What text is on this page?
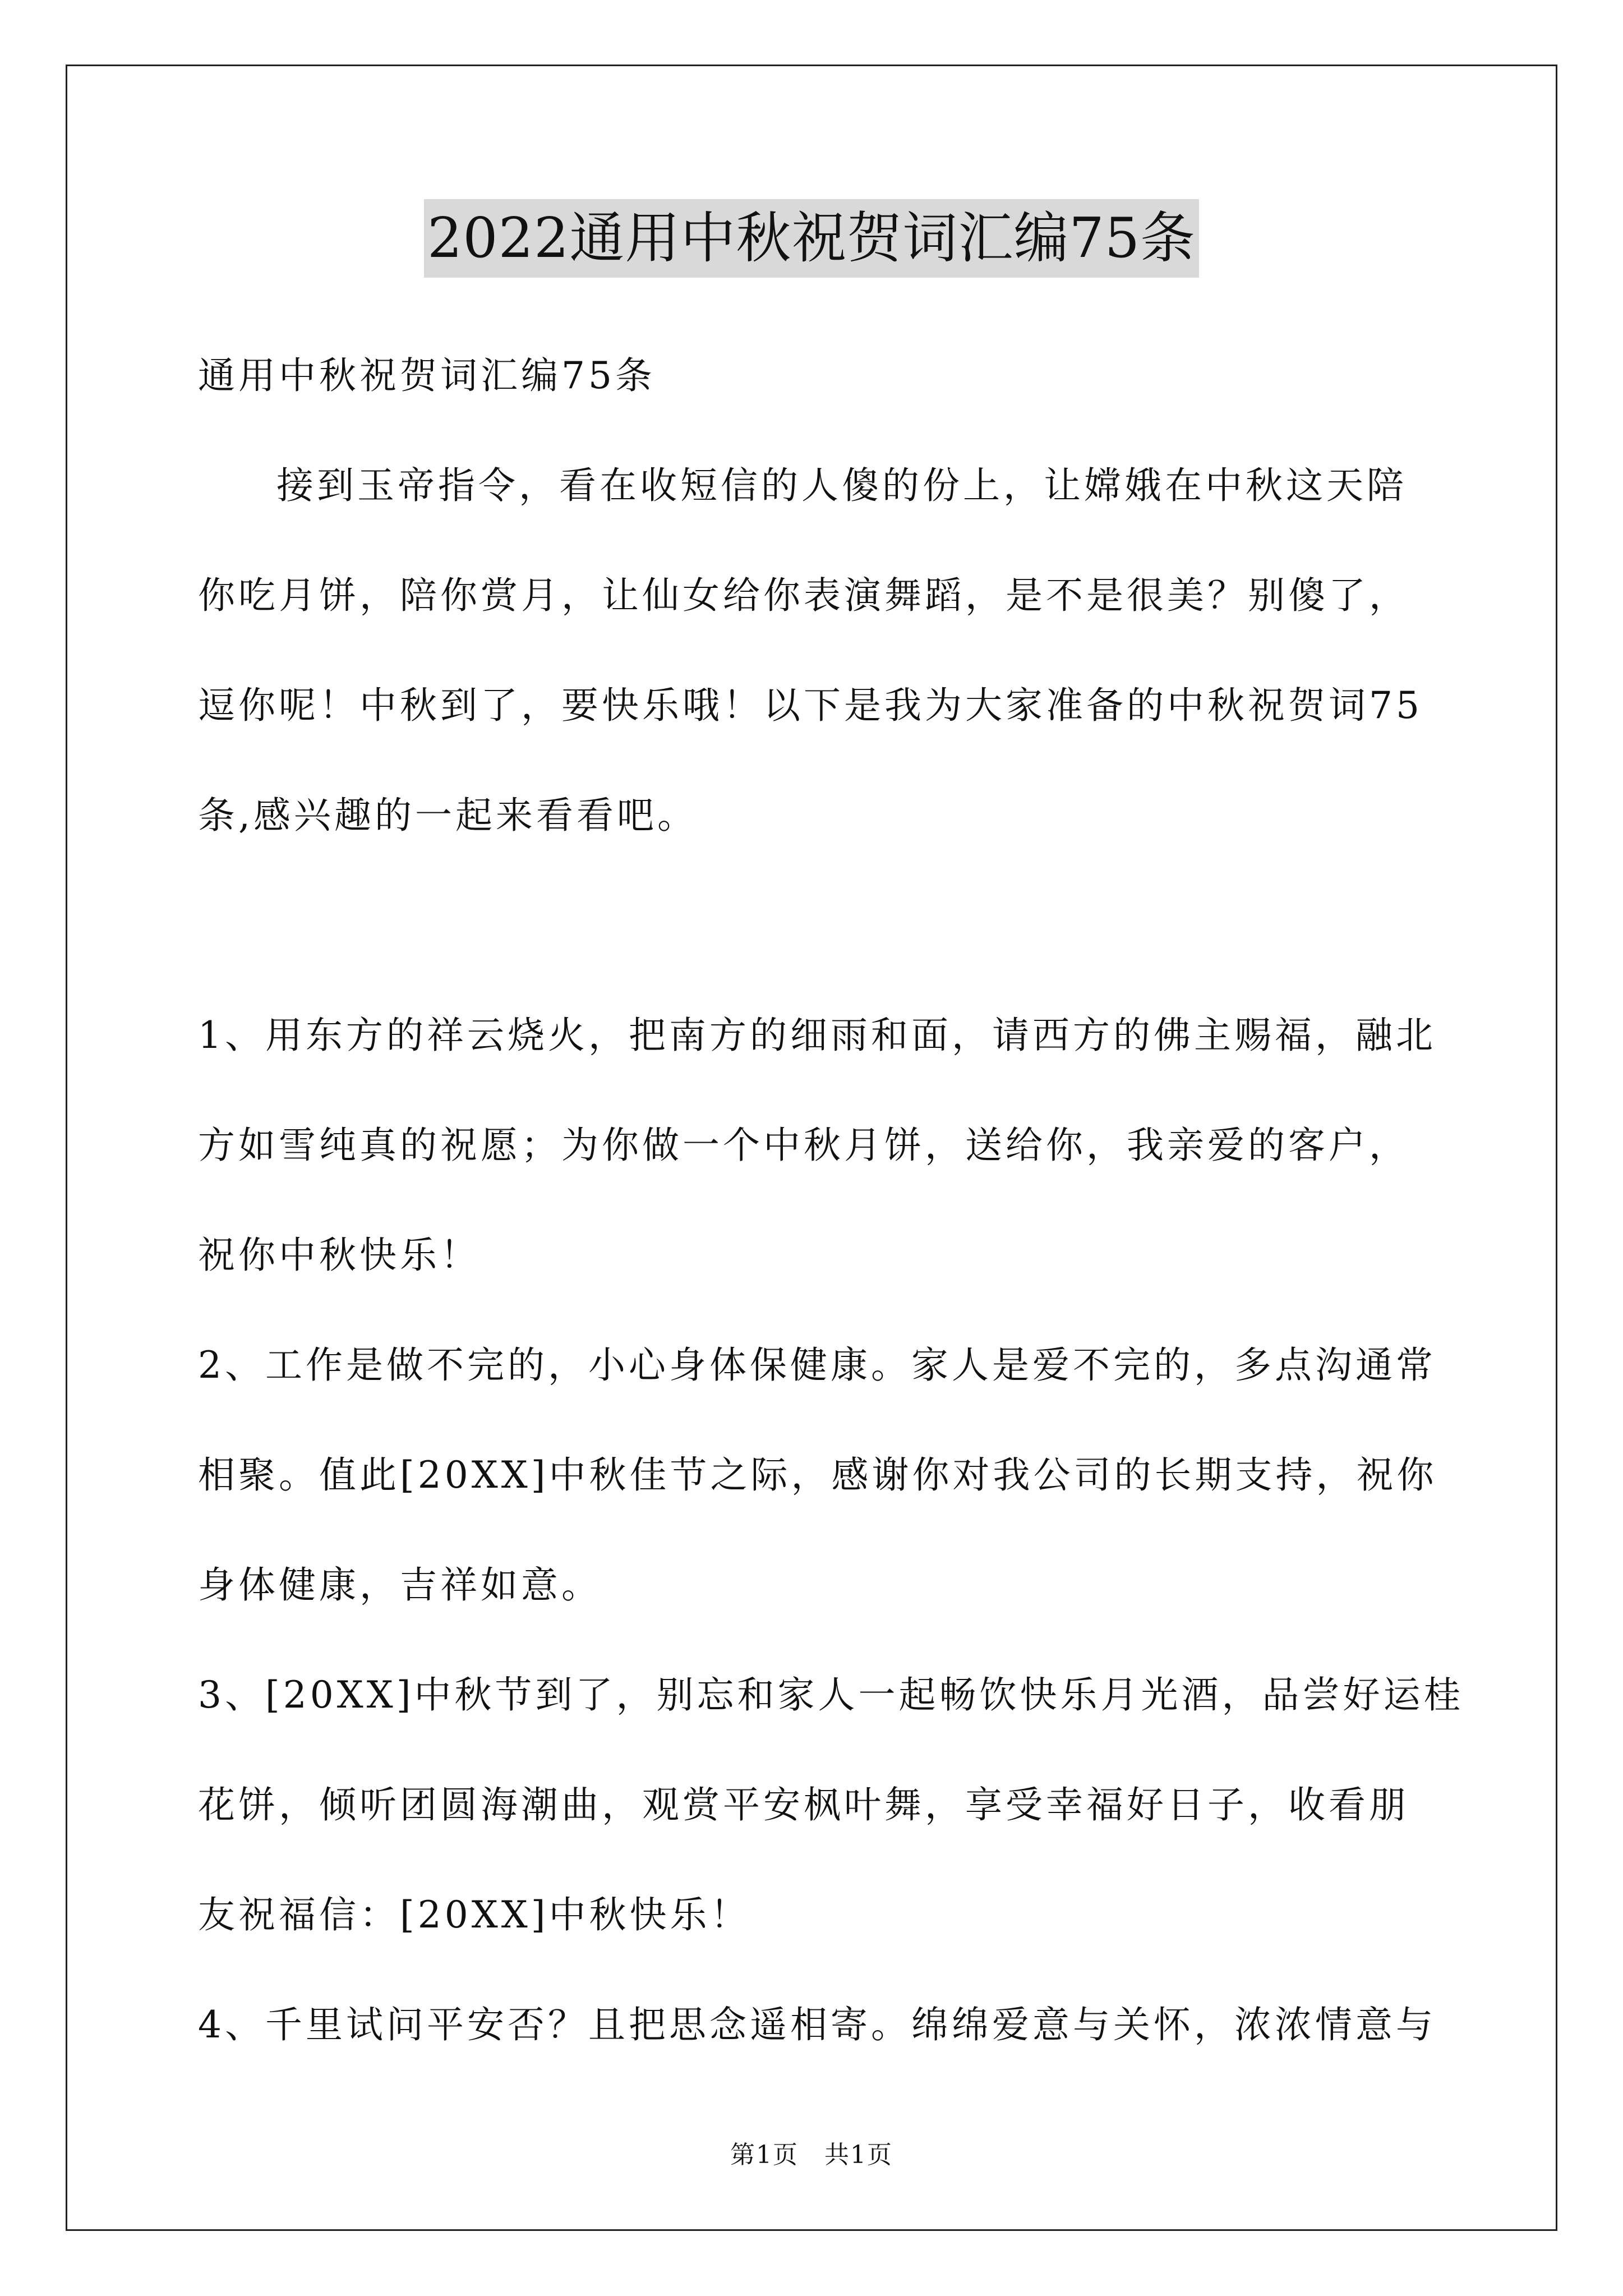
2022通用中秋祝贺词汇编75条
通用中秋祝贺词汇编75条
接到玉帝指令，看在收短信的人傻的份上，让嫦娥在中秋这天陪
你吃月饼，陪你赏月，让仙女给你表演舞蹈，是不是很美？别傻了，
逗你呢！中秋到了，要快乐哦！以下是我为大家准备的中秋祝贺词75
条,感兴趣的一起来看看吧。
1、用东方的祥云烧火，把南方的细雨和面，请西方的佛主赐福，融北
方如雪纯真的祝愿；为你做一个中秋月饼，送给你，我亲爱的客户，
祝你中秋快乐！
2、工作是做不完的，小心身体保健康。家人是爱不完的，多点沟通常
相聚。值此[20XX]中秋佳节之际，感谢你对我公司的长期支持，祝你
身体健康，吉祥如意。
3、[20XX]中秋节到了，别忘和家人一起畅饮快乐月光酒，品尝好运桂
花饼，倾听团圆海潮曲，观赏平安枫叶舞，享受幸福好日子，收看朋
友祝福信：[20XX]中秋快乐！
4、千里试问平安否？且把思念遥相寄。绵绵爱意与关怀，浓浓情意与
第1页　共1页
